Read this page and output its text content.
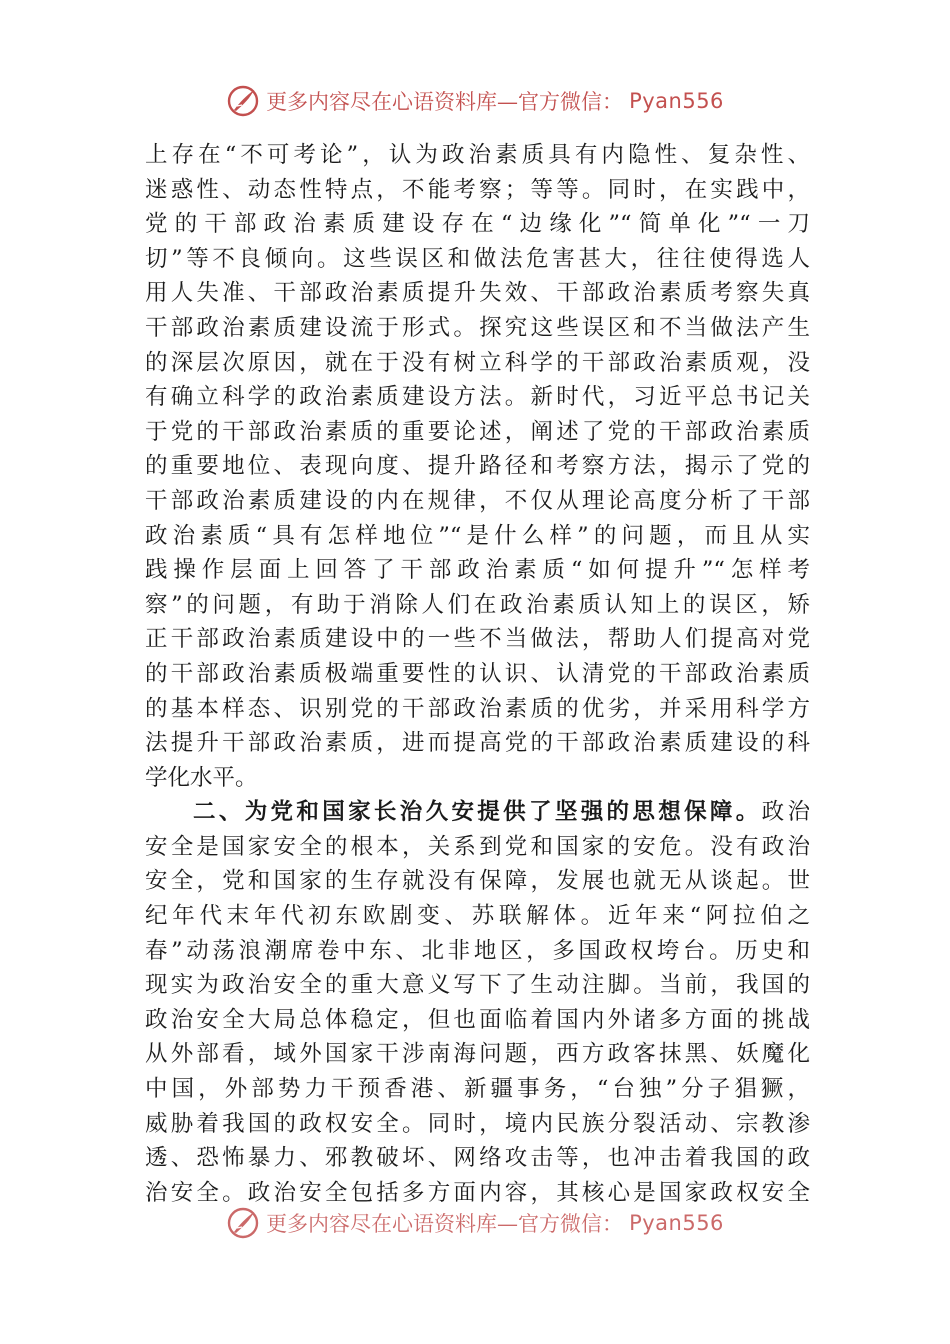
更多内容尽在心语资料库—官方微信： Pyan556
上存在“不可考论”，认为政治素质具有内隐性、复杂性、
迷惑性、动态性特点，不能考察；等等。同时，在实践中，
党的干部政治素质建设存在“边缘化”“简单化”“一刀
切”等不良倾向。这些误区和做法危害甚大，往往使得选人
用人失准、干部政治素质提升失效、干部政治素质考察失真
干部政治素质建设流于形式。探究这些误区和不当做法产生
的深层次原因，就在于没有树立科学的干部政治素质观，没
有确立科学的政治素质建设方法。新时代，习近平总书记关
于党的干部政治素质的重要论述，阐述了党的干部政治素质
的重要地位、表现向度、提升路径和考察方法，揭示了党的
干部政治素质建设的内在规律，不仅从理论高度分析了干部
政治素质“具有怎样地位”“是什么样”的问题，而且从实
践操作层面上回答了干部政治素质“如何提升”“怎样考
察”的问题，有助于消除人们在政治素质认知上的误区，矫
正干部政治素质建设中的一些不当做法，帮助人们提高对党
的干部政治素质极端重要性的认识、认清党的干部政治素质
的基本样态、识别党的干部政治素质的优劣，并采用科学方
法提升干部政治素质，进而提高党的干部政治素质建设的科
学化水平。
二、为党和国家长治久安提供了坚强的思想保障。政治
安全是国家安全的根本，关系到党和国家的安危。没有政治
安全，党和国家的生存就没有保障，发展也就无从谈起。世
纪年代末年代初东欧剧变、苏联解体。近年来“阿拉伯之
春”动荡浪潮席卷中东、北非地区，多国政权垮台。历史和
现实为政治安全的重大意义写下了生动注脚。当前，我国的
政治安全大局总体稳定，但也面临着国内外诸多方面的挑战
从外部看，域外国家干涉南海问题，西方政客抹黑、妖魔化
中国，外部势力干预香港、新疆事务，“台独”分子猖獗，
威胁着我国的政权安全。同时，境内民族分裂活动、宗教渗
透、恐怖暴力、邪教破坏、网络攻击等，也冲击着我国的政
治安全。政治安全包括多方面内容，其核心是国家政权安全
更多内容尽在心语资料库—官方微信： Pyan556
